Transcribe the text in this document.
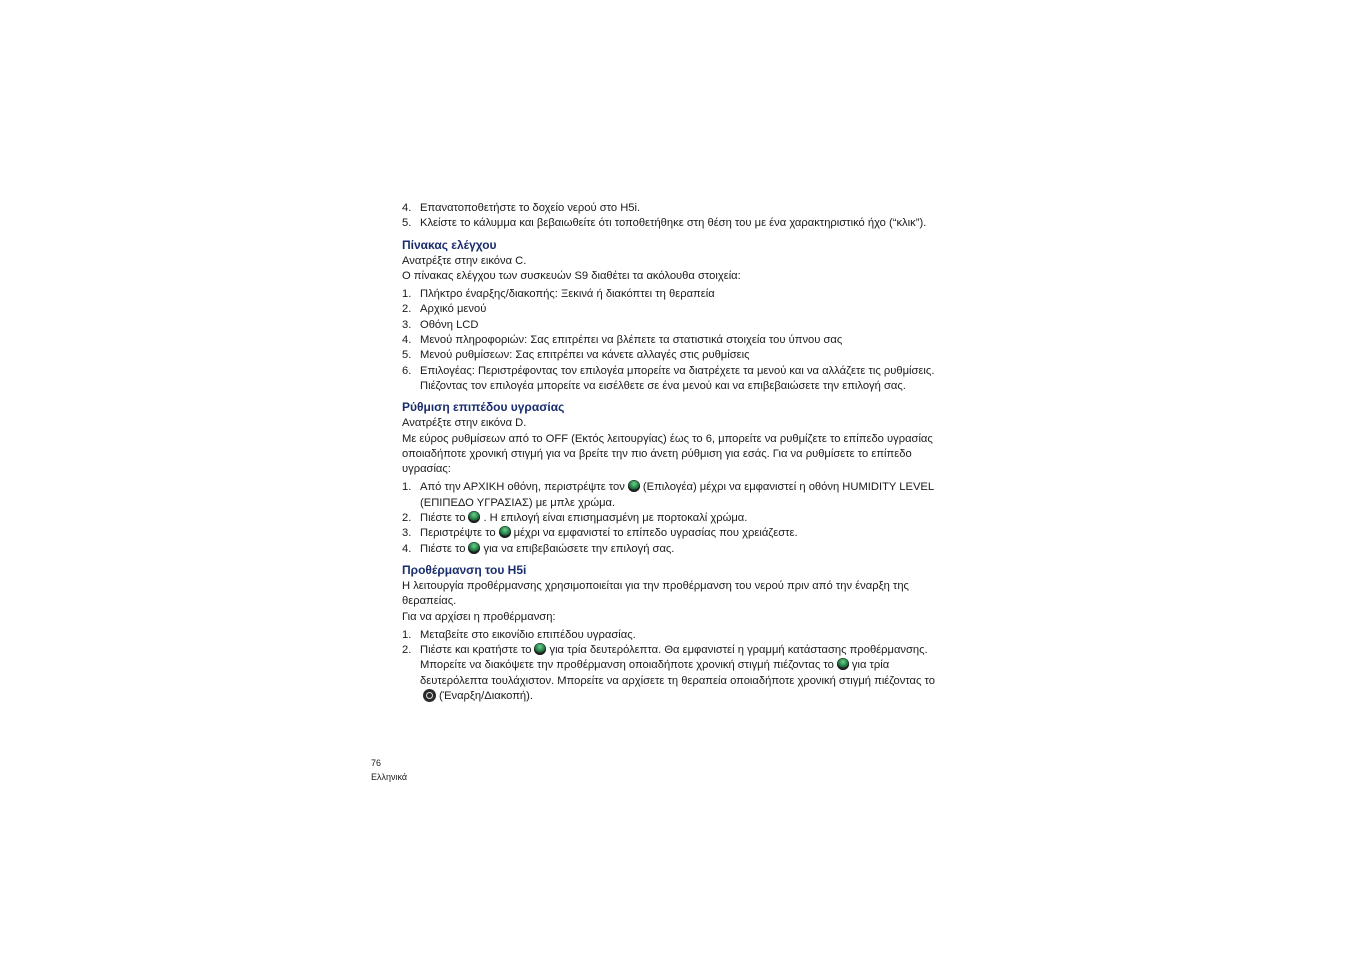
4. Επανατοποθετήστε το δοχείο νερού στο H5i.
5. Κλείστε το κάλυμμα και βεβαιωθείτε ότι τοποθετήθηκε στη θέση του με ένα χαρακτηριστικό ήχο (“κλικ”).
Πίνακας ελέγχου

Ανατρέξτε στην εικόνα C.

Ο πίνακας ελέγχου των συσκευών S9 διαθέτει τα ακόλουθα στοιχεία:

1. Πλήκτρο έναρξης/διακοπής: Ξεκινά ή διακόπτει τη θεραπεία
2. Αρχικό μενού
3. Οθόνη LCD
4. Μενού πληροφοριών: Σας επιτρέπει να βλέπετε τα στατιστικά στοιχεία του ύπνου σας
5. Μενού ρυθμίσεων: Σας επιτρέπει να κάνετε αλλαγές στις ρυθμίσεις
6. Επιλογέας: Περιστρέφοντας τον επιλογέα μπορείτε να διατρέχετε τα μενού και να αλλάζετε τις ρυθμίσεις. Πιέζοντας τον επιλογέα μπορείτε να εισέλθετε σε ένα μενού και να επιβεβαιώσετε την επιλογή σας.
Ρύθμιση επιπέδου υγρασίας

Ανατρέξτε στην εικόνα D.

Με εύρος ρυθμίσεων από το OFF (Εκτός λειτουργίας) έως το 6, μπορείτε να ρυθμίζετε το επίπεδο υγρασίας οποιαδήποτε χρονική στιγμή για να βρείτε την πιο άνετη ρύθμιση για εσάς. Για να ρυθμίσετε το επίπεδο υγρασίας:

1. Από την ΑΡΧΙΚΗ οθόνη, περιστρέψτε τον (Επιλογέα) μέχρι να εμφανιστεί η οθόνη HUMIDITY LEVEL (ΕΠΙΠΕΔΟ ΥΓΡΑΣΙΑΣ) με μπλε χρώμα.
2. Πιέστε το . Η επιλογή είναι επισημασμένη με πορτοκαλί χρώμα.
3. Περιστρέψτε το μέχρι να εμφανιστεί το επίπεδο υγρασίας που χρειάζεστε.
4. Πιέστε το για να επιβεβαιώσετε την επιλογή σας.
Προθέρμανση του H5i

Η λειτουργία προθέρμανσης χρησιμοποιείται για την προθέρμανση του νερού πριν από την έναρξη της θεραπείας.

Για να αρχίσει η προθέρμανση:

1. Μεταβείτε στο εικονίδιο επιπέδου υγρασίας.
2. Πιέστε και κρατήστε το για τρία δευτερόλεπτα. Θα εμφανιστεί η γραμμή κατάστασης προθέρμανσης. Μπορείτε να διακόψετε την προθέρμανση οποιαδήποτε χρονική στιγμή πιέζοντας το για τρία δευτερόλεπτα τουλάχιστον. Μπορείτε να αρχίσετε τη θεραπεία οποιαδήποτε χρονική στιγμή πιέζοντας το(Έναρξη/Διακοπή).
76
Ελληνικά
